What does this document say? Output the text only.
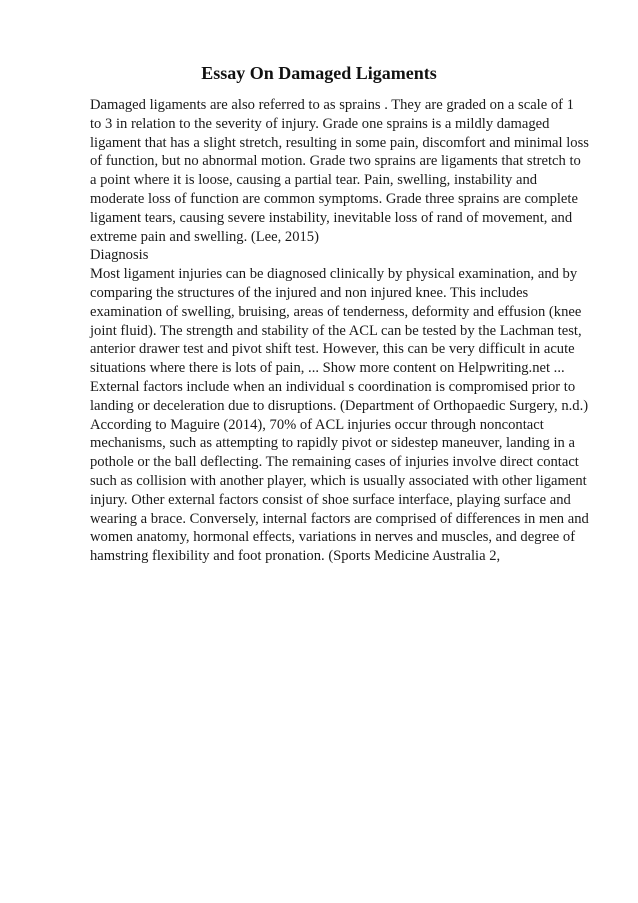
Essay On Damaged Ligaments

Damaged ligaments are also referred to as sprains . They are graded on a scale of 1
to 3 in relation to the severity of injury. Grade one sprains is a mildly damaged
ligament that has a slight stretch, resulting in some pain, discomfort and minimal loss
of function, but no abnormal motion. Grade two sprains are ligaments that stretch to
a point where it is loose, causing a partial tear. Pain, swelling, instability and
moderate loss of function are common symptoms. Grade three sprains are complete
ligament tears, causing severe instability, inevitable loss of rand of movement, and
extreme pain and swelling. (Lee, 2015)

Diagnosis

Most ligament injuries can be diagnosed clinically by physical examination, and by
comparing the structures of the injured and non injured knee. This includes
examination of swelling, bruising, areas of tenderness, deformity and effusion (knee
joint fluid). The strength and stability of the ACL can be tested by the Lachman test,
anterior drawer test and pivot shift test. However, this can be very difficult in acute
situations where there is lots of pain, ... Show more content on Helpwriting.net ...
External factors include when an individual s coordination is compromised prior to
landing or deceleration due to disruptions. (Department of Orthopaedic Surgery, n.d.)
According to Maguire (2014), 70% of ACL injuries occur through noncontact
mechanisms, such as attempting to rapidly pivot or sidestep maneuver, landing in a
pothole or the ball deflecting. The remaining cases of injuries involve direct contact
such as collision with another player, which is usually associated with other ligament
injury. Other external factors consist of shoe surface interface, playing surface and
wearing a brace. Conversely, internal factors are comprised of differences in men and
women anatomy, hormonal effects, variations in nerves and muscles, and degree of
hamstring flexibility and foot pronation. (Sports Medicine Australia 2,
